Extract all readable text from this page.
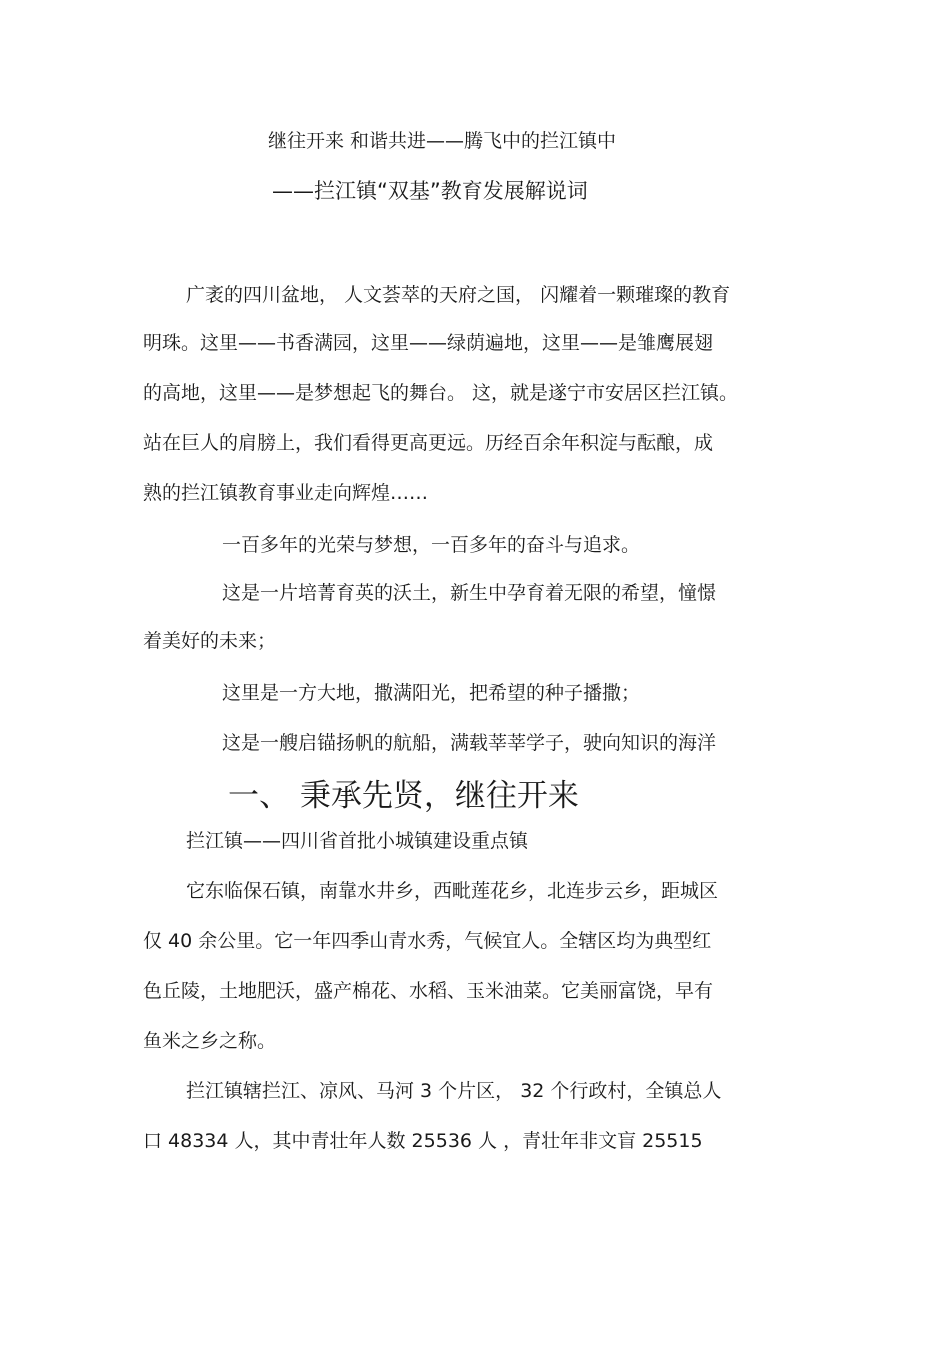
继往开来 和谐共进——腾飞中的拦江镇中
——拦江镇“双基”教育发展解说词
广袤的四川盆地， 人文荟萃的天府之国， 闪耀着一颗璀璨的教育
明珠。这里——书香满园，这里——绿荫遍地，这里——是雏鹰展翅
的高地，这里——是梦想起飞的舞台。 这，就是遂宁市安居区拦江镇。
站在巨人的肩膀上，我们看得更高更远。历经百余年积淀与酝酿，成
熟的拦江镇教育事业走向辉煌……
一百多年的光荣与梦想，一百多年的奋斗与追求。
这是一片培菁育英的沃土，新生中孕育着无限的希望，憧憬
着美好的未来；
这里是一方大地，撒满阳光，把希望的种子播撒；
这是一艘启锚扬帆的航船，满载莘莘学子，驶向知识的海洋
一、 秉承先贤，继往开来
拦江镇——四川省首批小城镇建设重点镇
它东临保石镇，南靠水井乡，西毗莲花乡，北连步云乡，距城区
仅 40 余公里。它一年四季山青水秀，气候宜人。全辖区均为典型红
色丘陵，土地肥沃，盛产棉花、水稻、玉米油菜。它美丽富饶，早有
鱼米之乡之称。
拦江镇辖拦江、凉风、马河 3 个片区， 32 个行政村，全镇总人
口 48334 人，其中青壮年人数 25536 人 ，青壮年非文盲 25515
